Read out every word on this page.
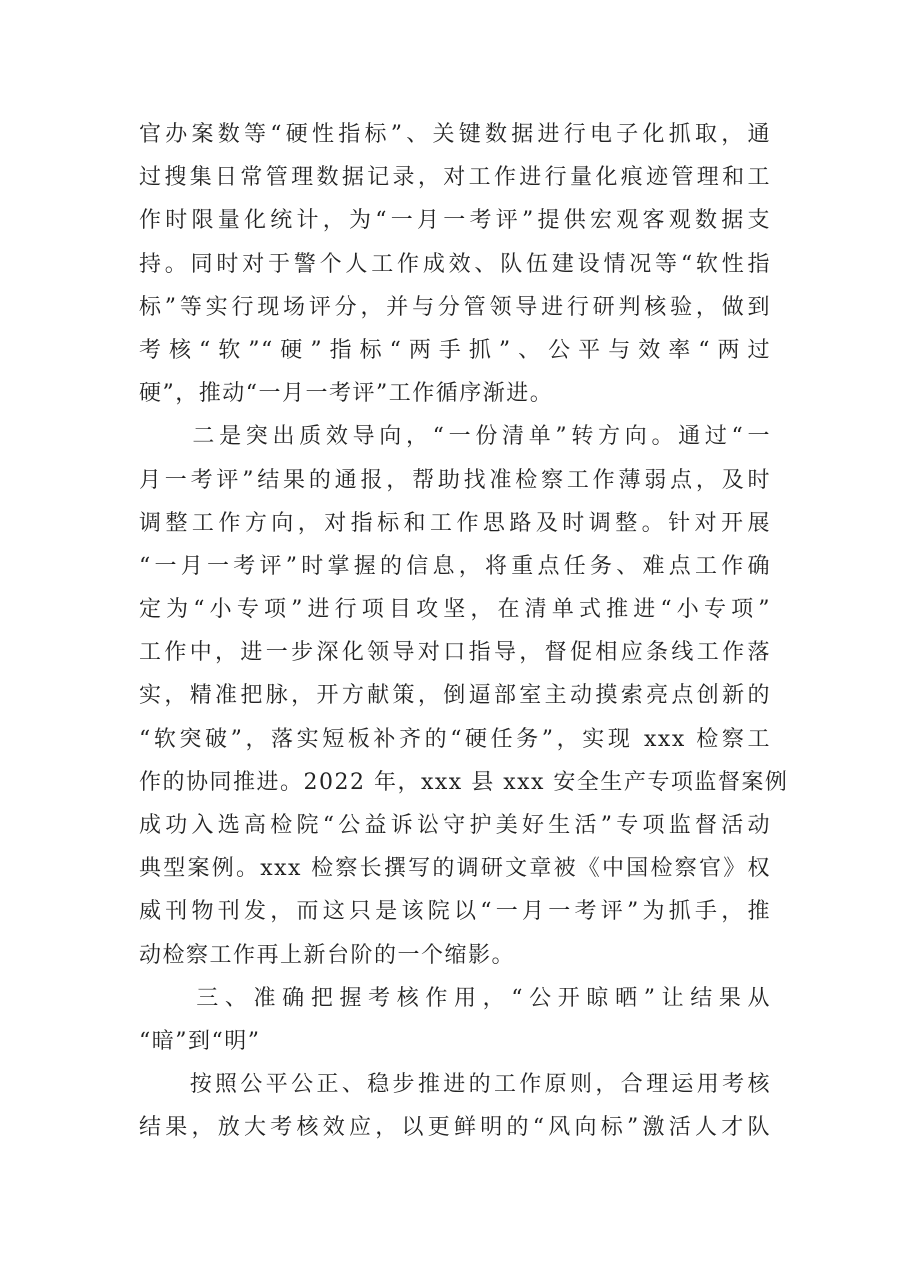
官办案数等“硬性指标”、关键数据进行电子化抓取，通
过搜集日常管理数据记录，对工作进行量化痕迹管理和工
作时限量化统计，为“一月一考评”提供宏观客观数据支
持。同时对于警个人工作成效、队伍建设情况等“软性指
标”等实行现场评分，并与分管领导进行研判核验，做到
考核“软”“硬”指标“两手抓”、公平与效率“两过
硬”，推动“一月一考评”工作循序渐进。
　　二是突出质效导向，“一份清单”转方向。通过“一
月一考评”结果的通报，帮助找准检察工作薄弱点，及时
调整工作方向，对指标和工作思路及时调整。针对开展
“一月一考评”时掌握的信息，将重点任务、难点工作确
定为“小专项”进行项目攻坚，在清单式推进“小专项”
工作中，进一步深化领导对口指导，督促相应条线工作落
实，精准把脉，开方献策，倒逼部室主动摸索亮点创新的
“软突破”，落实短板补齐的“硬任务”，实现 xxx 检察工
作的协同推进。2022 年，xxx 县 xxx 安全生产专项监督案例
成功入选高检院“公益诉讼守护美好生活”专项监督活动
典型案例。xxx 检察长撰写的调研文章被《中国检察官》权
威刊物刊发，而这只是该院以“一月一考评”为抓手，推
动检察工作再上新台阶的一个缩影。
　　三、准确把握考核作用，“公开晾晒”让结果从
“暗”到“明”
　　按照公平公正、稳步推进的工作原则，合理运用考核
结果，放大考核效应，以更鲜明的“风向标”激活人才队
